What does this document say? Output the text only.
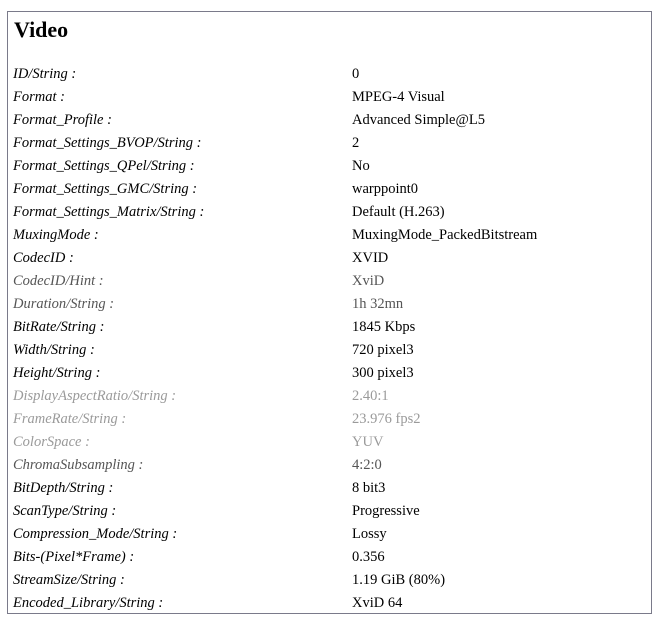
Video
ID/String :	0
Format :	MPEG-4 Visual
Format_Profile :	Advanced Simple@L5
Format_Settings_BVOP/String :	2
Format_Settings_QPel/String :	No
Format_Settings_GMC/String :	warppoint0
Format_Settings_Matrix/String :	Default (H.263)
MuxingMode :	MuxingMode_PackedBitstream
CodecID :	XVID
CodecID/Hint :	XviD
Duration/String :	1h 32mn
BitRate/String :	1845 Kbps
Width/String :	720 pixel3
Height/String :	300 pixel3
DisplayAspectRatio/String :	2.40:1
FrameRate/String :	23.976 fps2
ColorSpace :	YUV
ChromaSubsampling :	4:2:0
BitDepth/String :	8 bit3
ScanType/String :	Progressive
Compression_Mode/String :	Lossy
Bits-(Pixel*Frame) :	0.356
StreamSize/String :	1.19 GiB (80%)
Encoded_Library/String :	XviD 64
